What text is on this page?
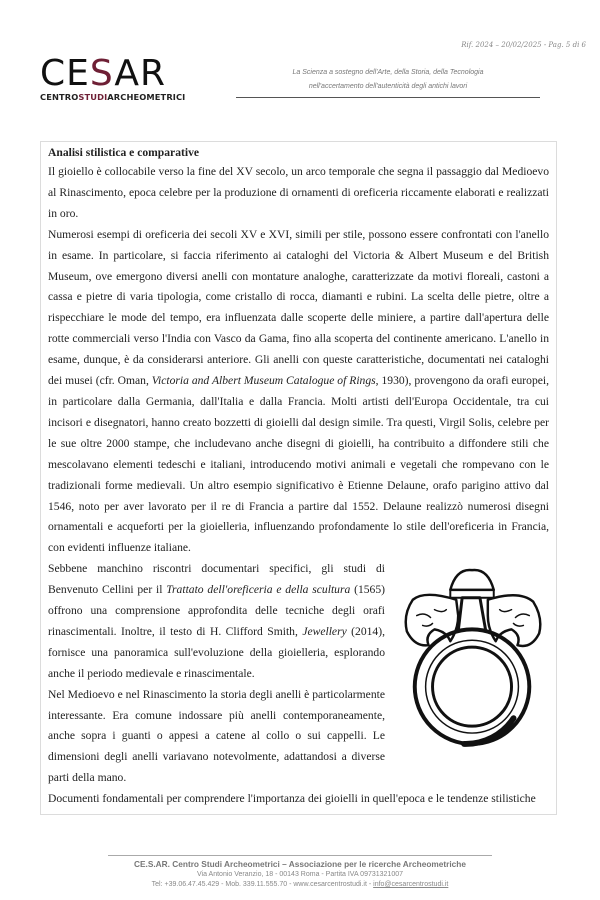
CESAR
CENTROSTUDIARCHEOMETRICI
Rif. 2024 – 20/02/2025 - Pag. 5 di 6
La Scienza a sostegno dell'Arte, della Storia, della Tecnologia
nell'accertamento dell'autenticità degli antichi lavori
Analisi stilistica e comparative

Il gioiello è collocabile verso la fine del XV secolo, un arco temporale che segna il passaggio dal Medioevo al Rinascimento, epoca celebre per la produzione di ornamenti di oreficeria riccamente elaborati e realizzati in oro.

Numerosi esempi di oreficeria dei secoli XV e XVI, simili per stile, possono essere confrontati con l'anello in esame. In particolare, si faccia riferimento ai cataloghi del Victoria & Albert Museum e del British Museum, ove emergono diversi anelli con montature analoghe, caratterizzate da motivi floreali, castoni a cassa e pietre di varia tipologia, come cristallo di rocca, diamanti e rubini. La scelta delle pietre, oltre a rispecchiare le mode del tempo, era influenzata dalle scoperte delle miniere, a partire dall'apertura delle rotte commerciali verso l'India con Vasco da Gama, fino alla scoperta del continente americano. L'anello in esame, dunque, è da considerarsi anteriore. Gli anelli con queste caratteristiche, documentati nei cataloghi dei musei (cfr. Oman, Victoria and Albert Museum Catalogue of Rings, 1930), provengono da orafi europei, in particolare dalla Germania, dall'Italia e dalla Francia. Molti artisti dell'Europa Occidentale, tra cui incisori e disegnatori, hanno creato bozzetti di gioielli dal design simile. Tra questi, Virgil Solis, celebre per le sue oltre 2000 stampe, che includevano anche disegni di gioielli, ha contribuito a diffondere stili che mescolavano elementi tedeschi e italiani, introducendo motivi animali e vegetali che rompevano con le tradizionali forme medievali. Un altro esempio significativo è Etienne Delaune, orafo parigino attivo dal 1546, noto per aver lavorato per il re di Francia a partire dal 1552. Delaune realizzò numerosi disegni ornamentali e acqueforti per la gioielleria, influenzando profondamente lo stile dell'oreficeria in Francia, con evidenti influenze italiane.

Sebbene manchino riscontri documentari specifici, gli studi di Benvenuto Cellini per il Trattato dell'oreficeria e della scultura (1565) offrono una comprensione approfondita delle tecniche degli orafi rinascimentali. Inoltre, il testo di H. Clifford Smith, Jewellery (2014), fornisce una panoramica sull'evoluzione della gioielleria, esplorando anche il periodo medievale e rinascimentale.

Nel Medioevo e nel Rinascimento la storia degli anelli è particolarmente interessante. Era comune indossare più anelli contemporaneamente, anche sopra i guanti o appesi a catene al collo o sui cappelli. Le dimensioni degli anelli variavano notevolmente, adattandosi a diverse parti della mano.

Documenti fondamentali per comprendere l'importanza dei gioielli in quell'epoca e le tendenze stilistiche

CE.S.AR. Centro Studi Archeometrici – Associazione per le ricerche Archeometriche
Via Antonio Veranzio, 18 - 00143 Roma - Partita IVA 09731321007
Tel: +39.06.47.45.429 - Mob. 339.11.555.70 - www.cesarcentrostudi.it - info@cesarcentrostudi.it
